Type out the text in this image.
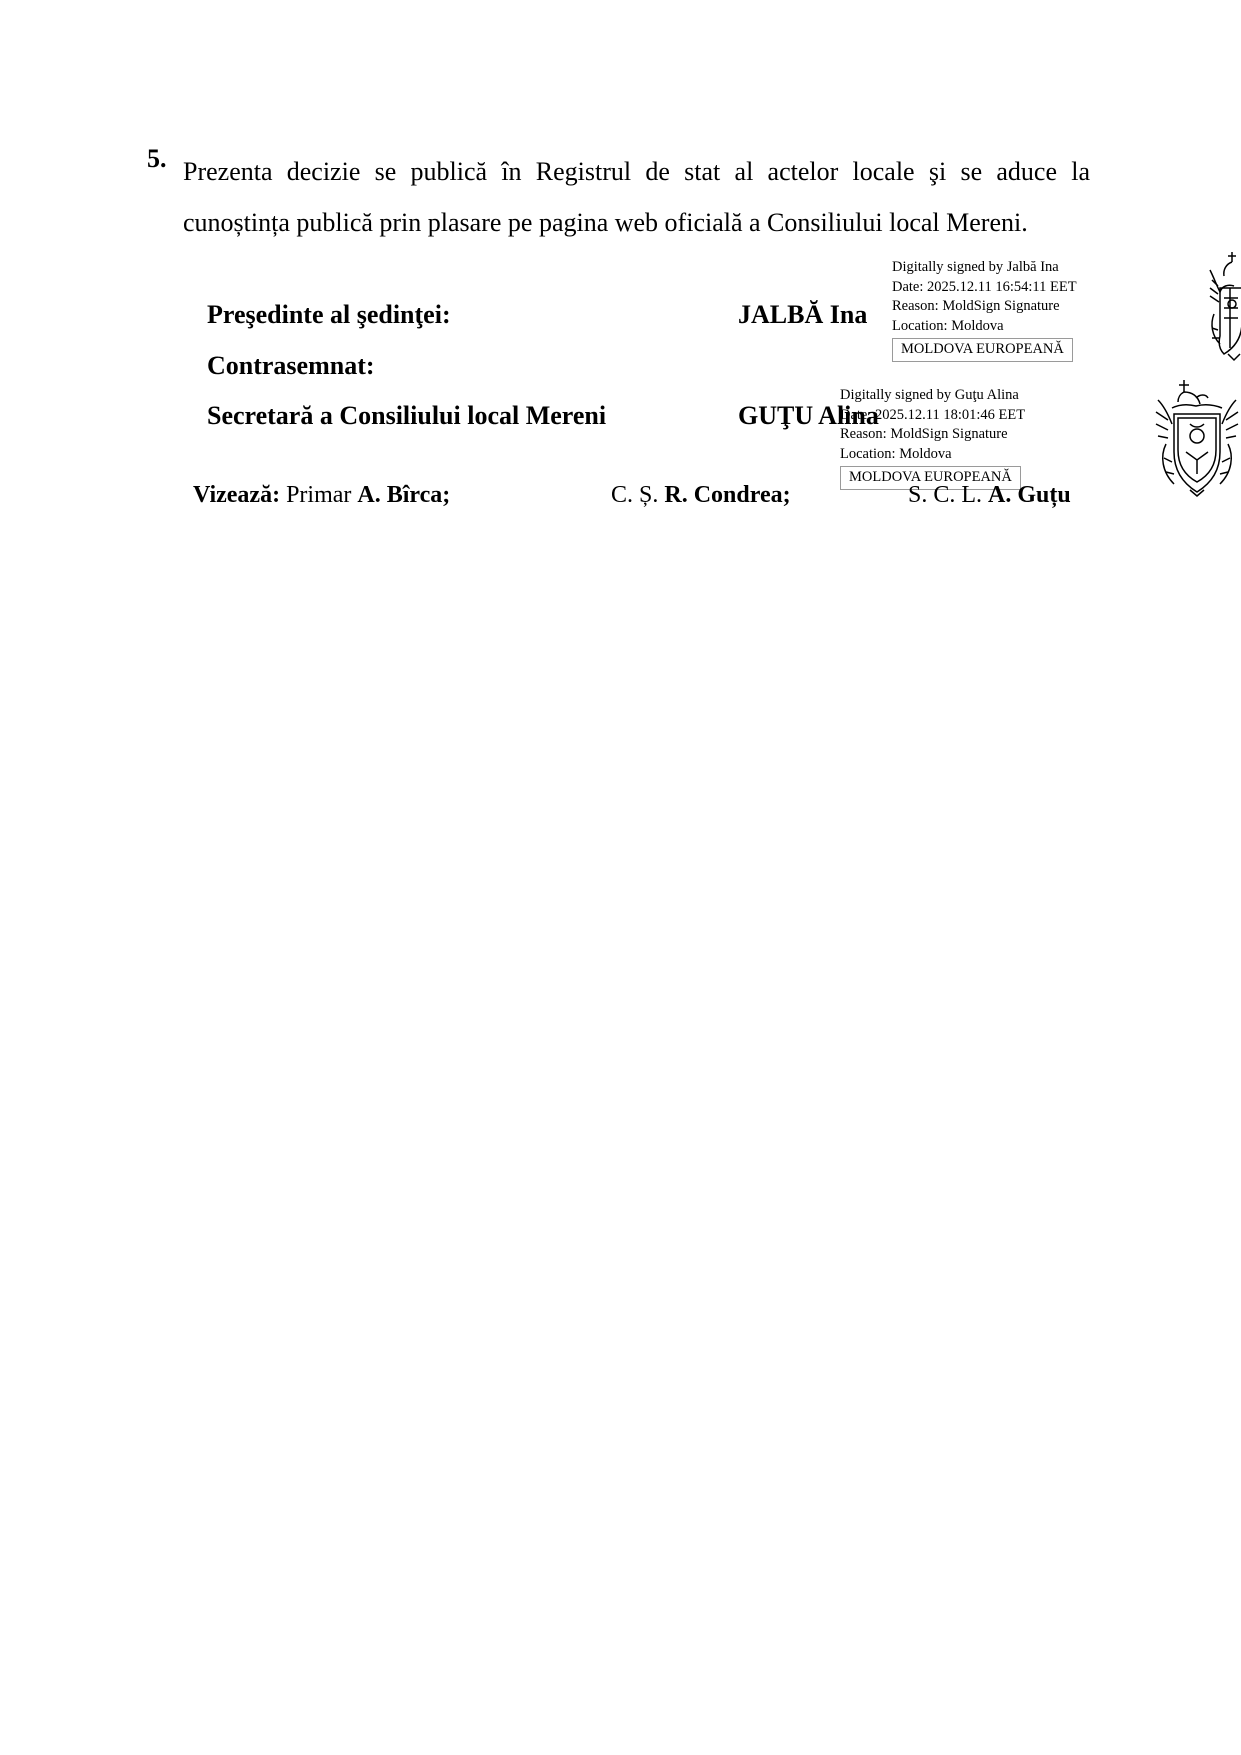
5. Prezenta decizie se publică în Registrul de stat al actelor locale şi se aduce la cunoștința publică prin plasare pe pagina web oficială a Consiliului local Mereni.

Preşedinte al şedinţei:	JALBĂ Ina
Contrasemnat:
Secretară a Consiliului local Mereni	GUŢU Alina
Digitally signed by Jalbă Ina
Date: 2025.12.11 16:54:11 EET
Reason: MoldSign Signature
Location: Moldova
MOLDOVA EUROPEANĂ
Digitally signed by Guţu Alina
Date: 2025.12.11 18:01:46 EET
Reason: MoldSign Signature
Location: Moldova
MOLDOVA EUROPEANĂ
Vizează: Primar A. Bîrca;	C. Ș. R. Condrea;	S. C. L. A. Guțu
